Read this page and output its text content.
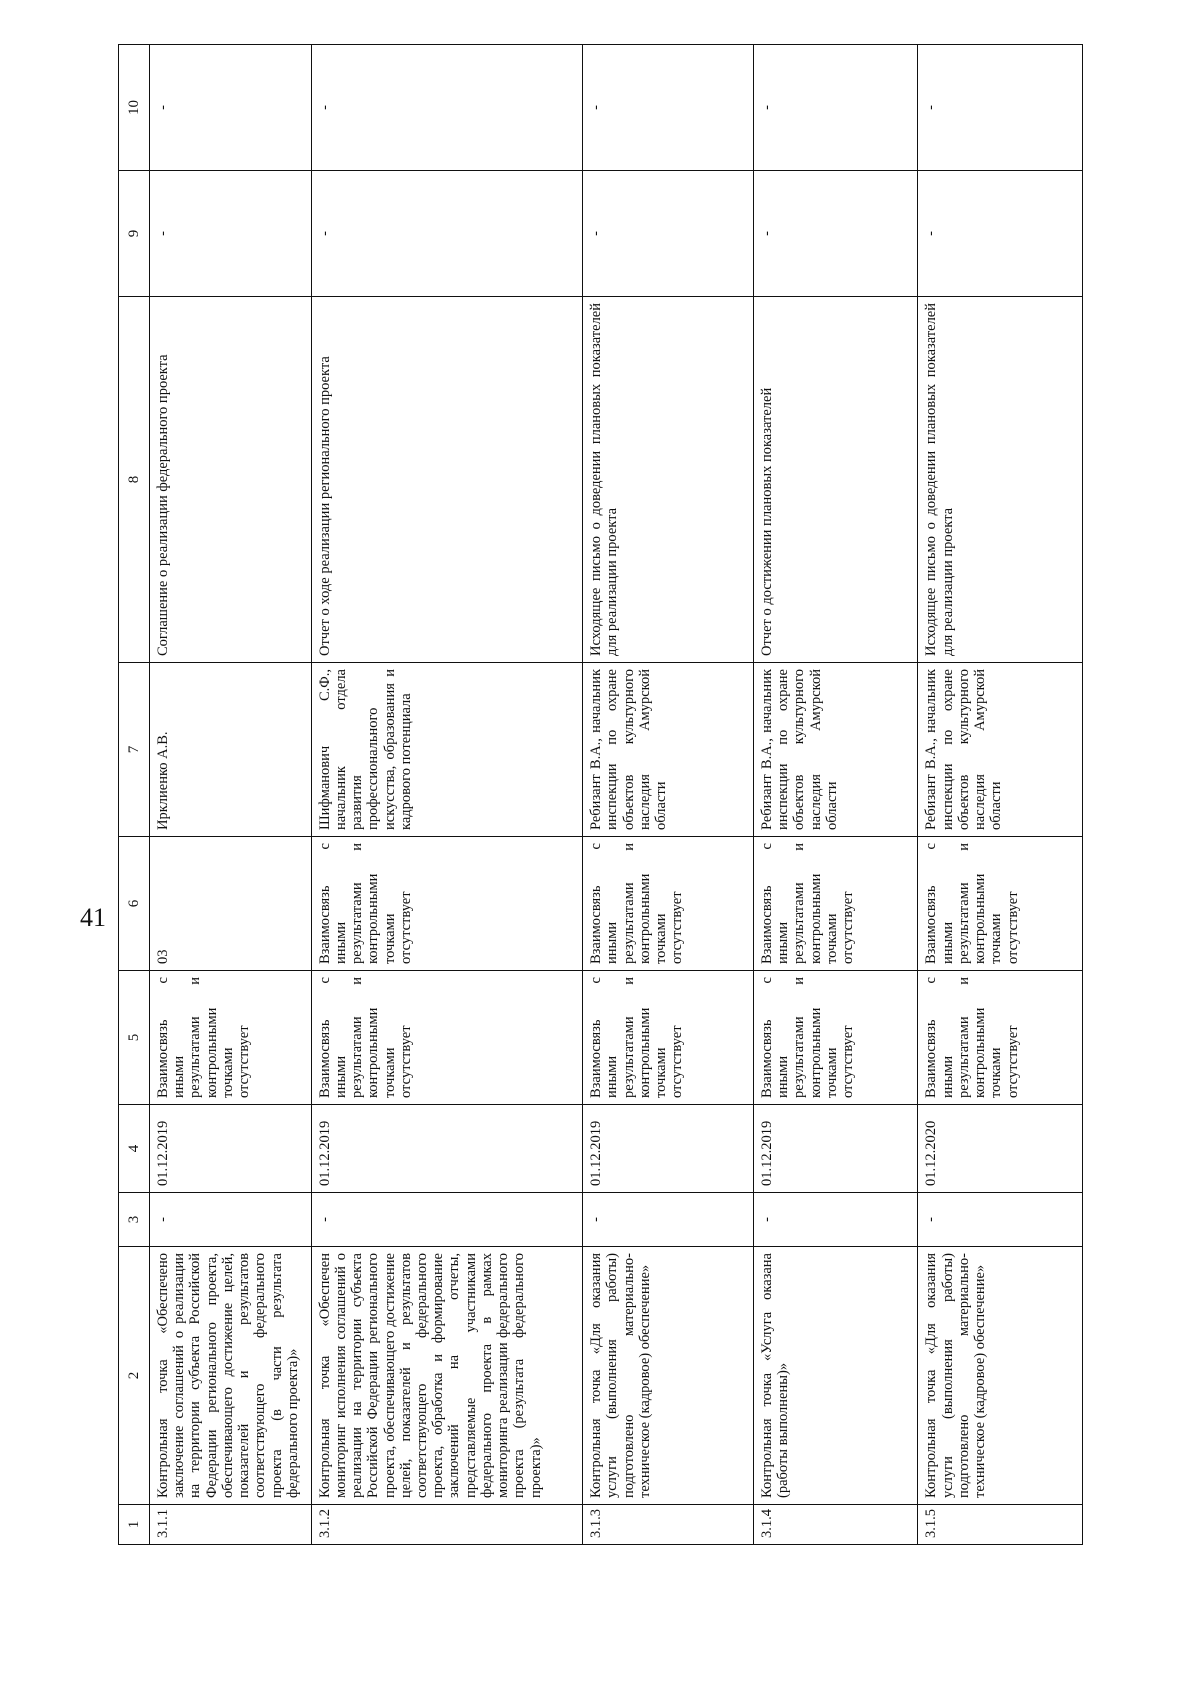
41
1	2	3	4	5	6	7	8	9	10
3.1.1	Контрольная точка «Обеспечено заключение соглашений о реализации на территории субъекта Российской Федерации регионального проекта, обеспечивающего достижение целей, показателей и результатов соответствующего федерального проекта (в части результата федерального проекта)»	-	01.12.2019	Взаимосвязь с иными результатами и контрольными точками отсутствует	03	Ирклиенко А.В.	Соглашение о реализации федерального проекта	-	-
3.1.2	Контрольная точка «Обеспечен мониторинг исполнения соглашений о реализации на территории субъекта Российской Федерации регионального проекта, обеспечивающего достижение целей, показателей и результатов соответствующего федерального проекта, обработка и формирование заключений на отчеты, представляемые участниками федерального проекта в рамках мониторинга реализации федерального проекта (результата федерального проекта)»	-	01.12.2019	Взаимосвязь с иными результатами и контрольными точками отсутствует	Взаимосвязь с иными результатами и контрольными точками отсутствует	Шифманович С.Ф., начальник отдела развития профессионального искусства, образования и кадрового потенциала	Отчет о ходе реализации регионального проекта	-	-
3.1.3	Контрольная точка «Для оказания услуги (выполнения работы) подготовлено материально-техническое (кадровое) обеспечение»	-	01.12.2019	Взаимосвязь с иными результатами и контрольными точками отсутствует	Взаимосвязь с иными результатами и контрольными точками отсутствует	Ребизант В.А., начальник инспекции по охране объектов культурного наследия Амурской области	Исходящее письмо о доведении плановых показателей для реализации проекта	-	-
3.1.4	Контрольная точка «Услуга оказана (работы выполнены)»	-	01.12.2019	Взаимосвязь с иными результатами и контрольными точками отсутствует	Взаимосвязь с иными результатами и контрольными точками отсутствует	Ребизант В.А., начальник инспекции по охране объектов культурного наследия Амурской области	Отчет о достижении плановых показателей	-	-
3.1.5	Контрольная точка «Для оказания услуги (выполнения работы) подготовлено материально-техническое (кадровое) обеспечение»	-	01.12.2020	Взаимосвязь с иными результатами и контрольными точками отсутствует	Взаимосвязь с иными результатами и контрольными точками отсутствует	Ребизант В.А., начальник инспекции по охране объектов культурного наследия Амурской области	Исходящее письмо о доведении плановых показателей для реализации проекта	-	-
